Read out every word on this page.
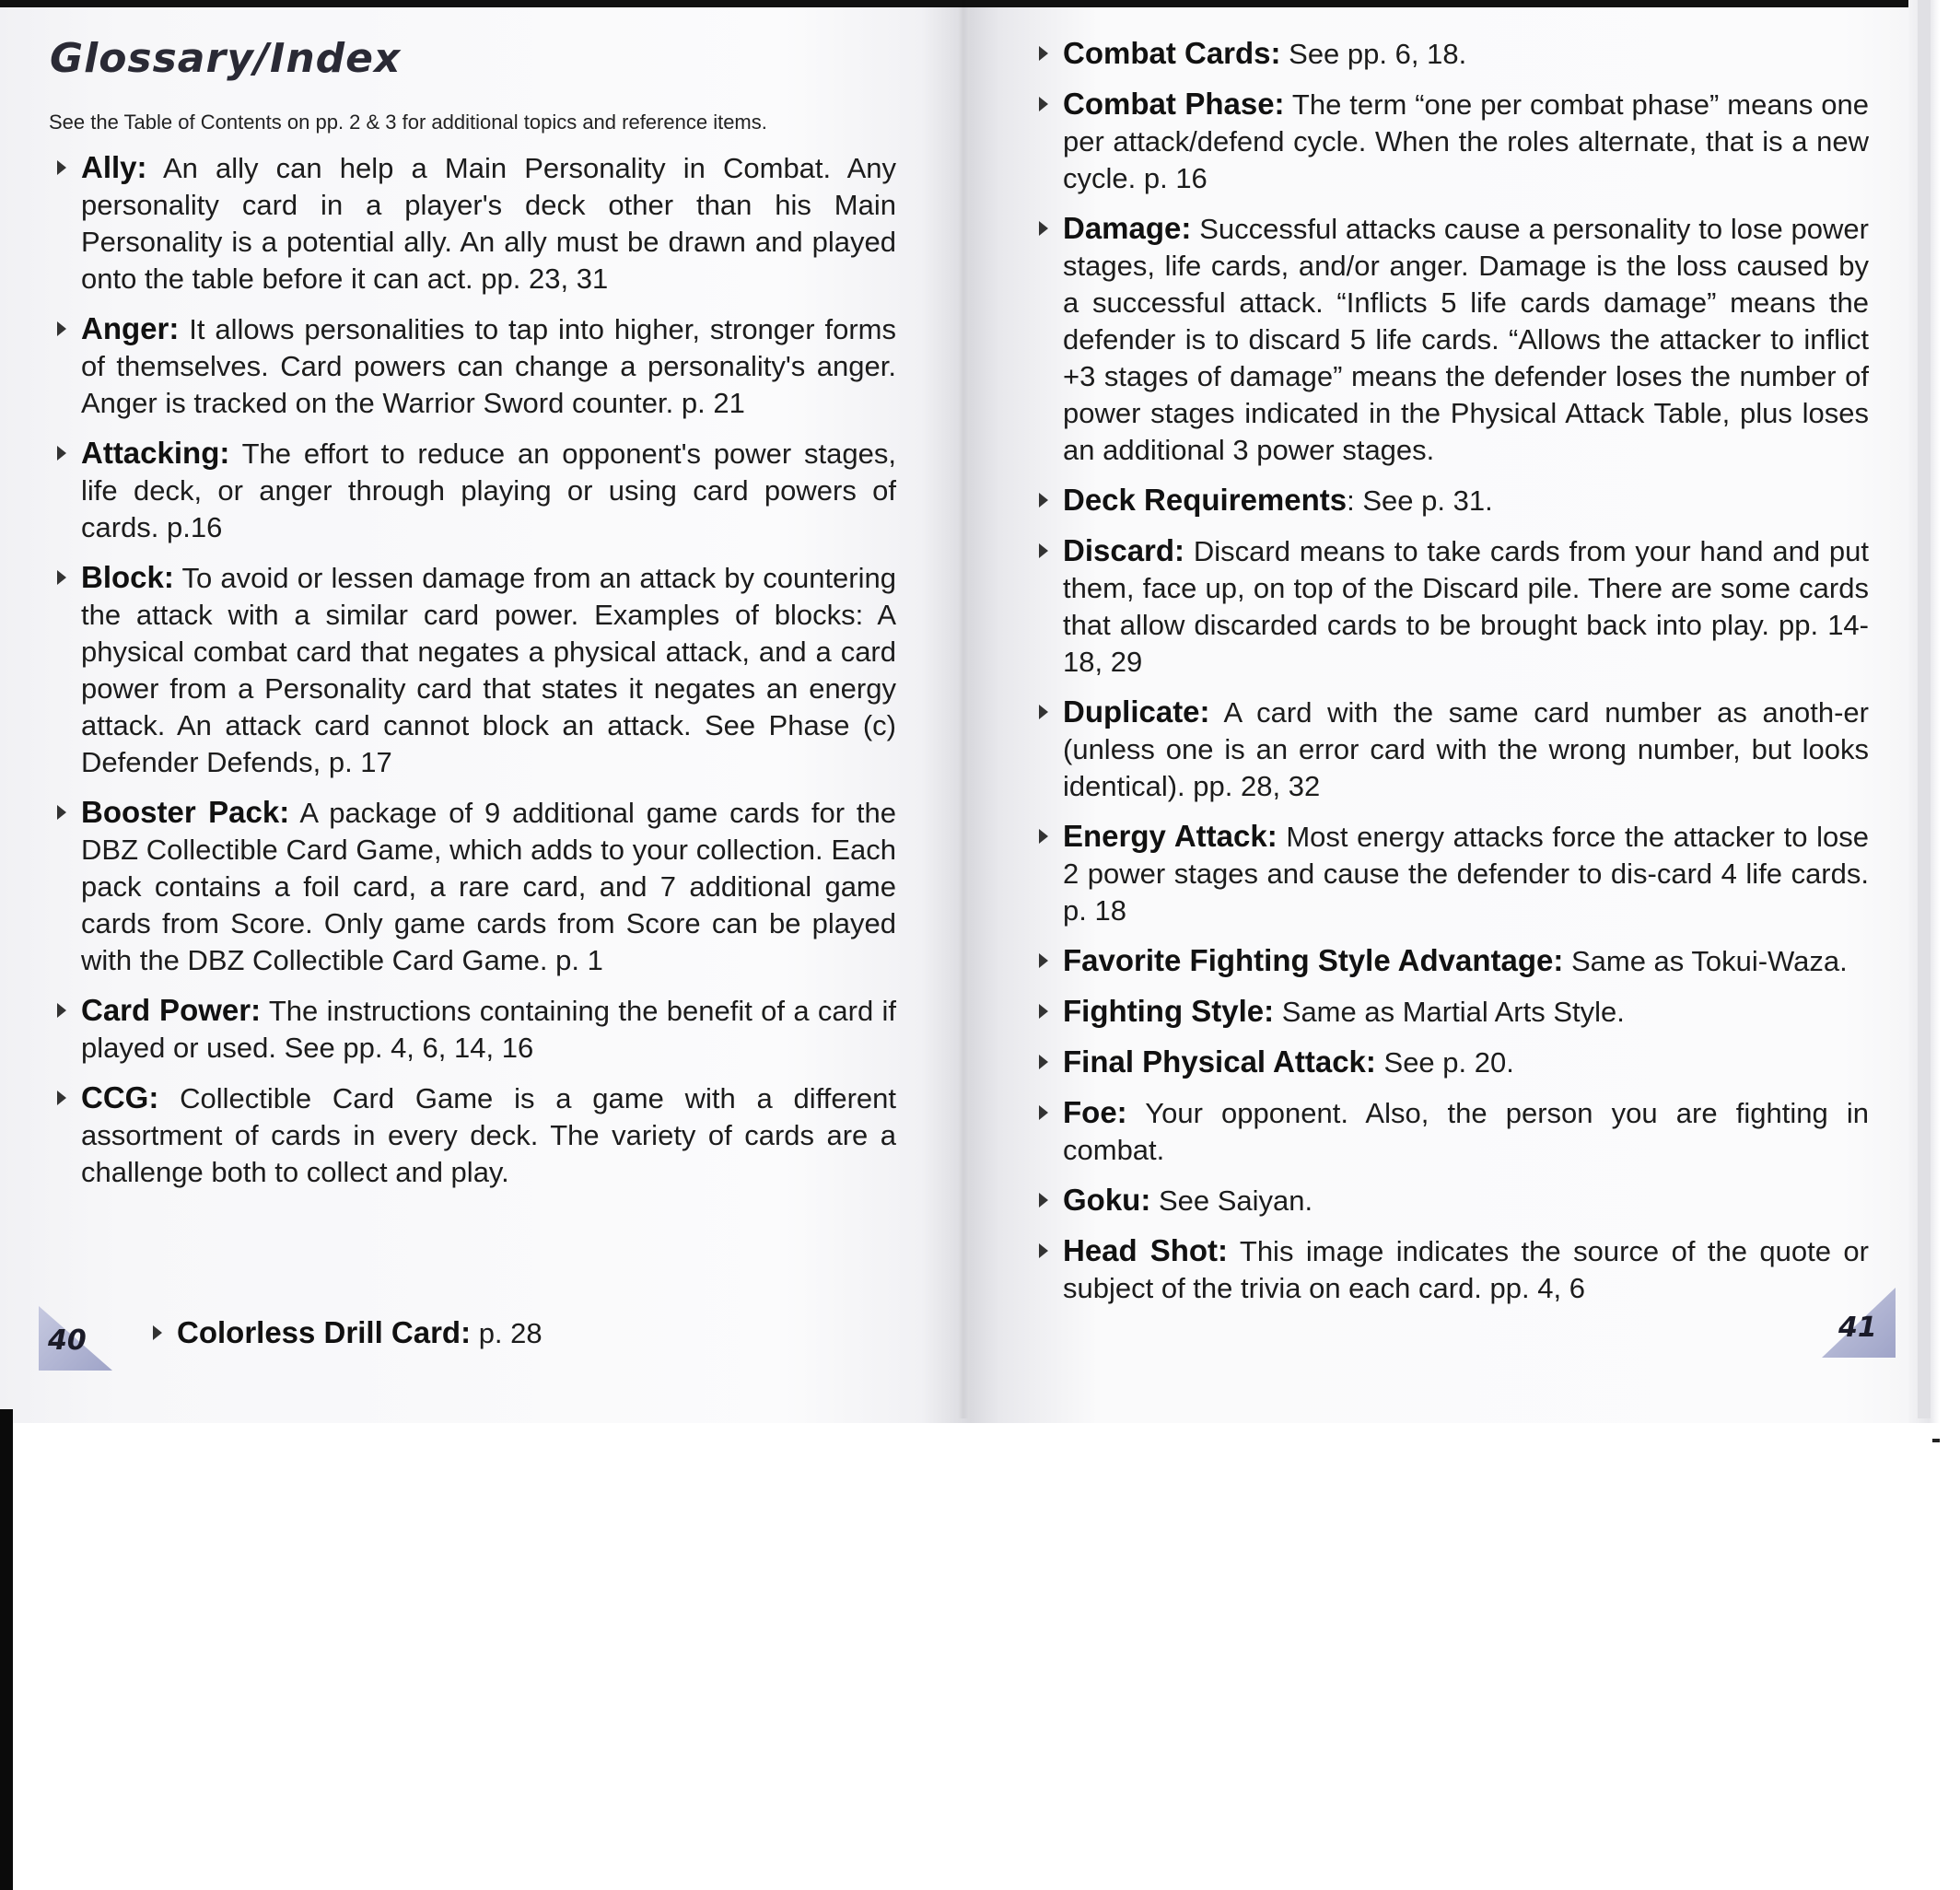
Glossary/Index

See the Table of Contents on pp. 2 & 3 for additional topics and reference items.

Ally: An ally can help a Main Personality in Combat. Any personality card in a player's deck other than his Main Personality is a potential ally. An ally must be drawn and played onto the table before it can act. pp. 23, 31

Anger: It allows personalities to tap into higher, stronger forms of themselves. Card powers can change a personality's anger. Anger is tracked on the Warrior Sword counter. p. 21

Attacking: The effort to reduce an opponent's power stages, life deck, or anger through playing or using card powers of cards. p.16

Block: To avoid or lessen damage from an attack by countering the attack with a similar card power. Examples of blocks: A physical combat card that negates a physical attack, and a card power from a Personality card that states it negates an energy attack. An attack card cannot block an attack. See Phase (c) Defender Defends, p. 17

Booster Pack: A package of 9 additional game cards for the DBZ Collectible Card Game, which adds to your collection. Each pack contains a foil card, a rare card, and 7 additional game cards from Score. Only game cards from Score can be played with the DBZ Collectible Card Game. p. 1

Card Power: The instructions containing the benefit of a card if played or used. See pp. 4, 6, 14, 16

CCG: Collectible Card Game is a game with a different assortment of cards in every deck. The variety of cards are a challenge both to collect and play.

40	Colorless Drill Card: p. 28

Combat Cards: See pp. 6, 18.

Combat Phase: The term “one per combat phase” means one per attack/defend cycle. When the roles alternate, that is a new cycle. p. 16

Damage: Successful attacks cause a personality to lose power stages, life cards, and/or anger. Damage is the loss caused by a successful attack. “Inflicts 5 life cards damage” means the defender is to discard 5 life cards. “Allows the attacker to inflict +3 stages of damage” means the defender loses the number of power stages indicated in the Physical Attack Table, plus loses an additional 3 power stages.

Deck Requirements: See p. 31.

Discard: Discard means to take cards from your hand and put them, face up, on top of the Discard pile. There are some cards that allow discarded cards to be brought back into play. pp. 14-18, 29

Duplicate: A card with the same card number as anoth-er (unless one is an error card with the wrong number, but looks identical). pp. 28, 32

Energy Attack: Most energy attacks force the attacker to lose 2 power stages and cause the defender to dis-card 4 life cards. p. 18

Favorite Fighting Style Advantage: Same as Tokui-Waza.

Fighting Style: Same as Martial Arts Style.

Final Physical Attack: See p. 20.

Foe: Your opponent. Also, the person you are fighting in combat.

Goku: See Saiyan.

Head Shot: This image indicates the source of the quote or subject of the trivia on each card. pp. 4, 6

41
